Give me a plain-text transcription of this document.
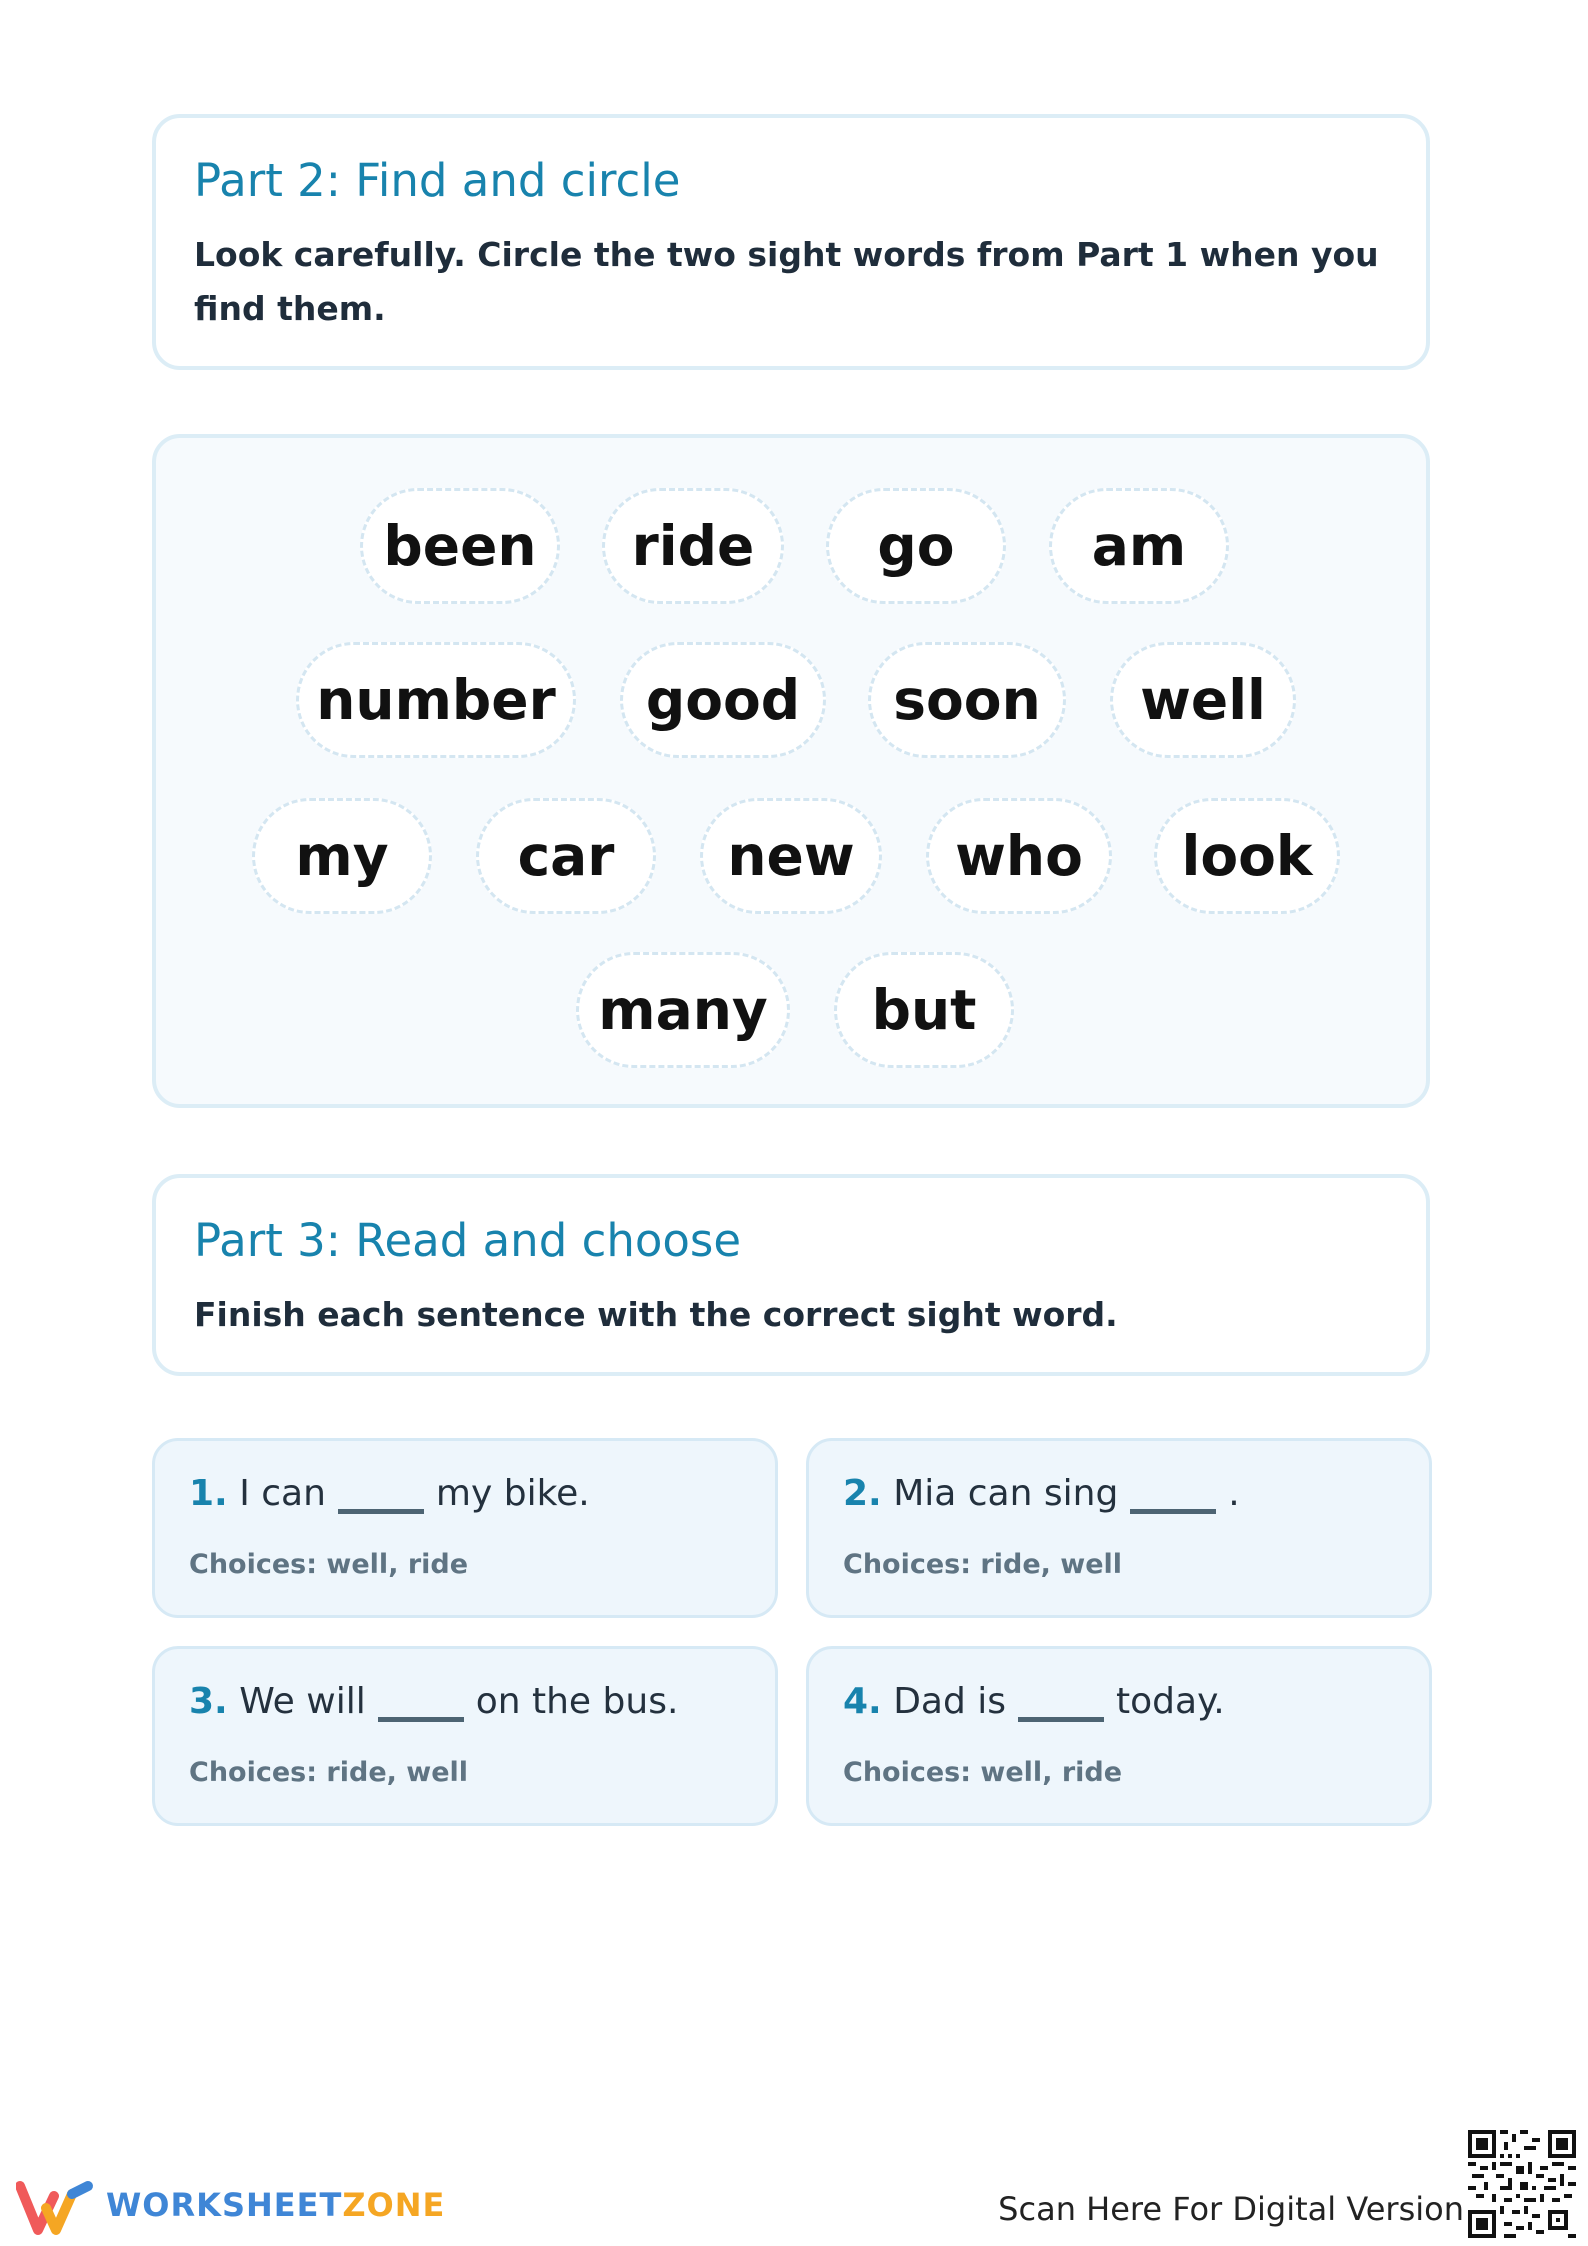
Part 2: Find and circle

Look carefully. Circle the two sight words from Part 1 when you find them.

been	ride	go	am
number	good	soon	well
my	car	new	who	look
many	but
Part 3: Read and choose

Finish each sentence with the correct sight word.

1.
I can	my bike.
Choices: well, ride
2.
Mia can sing	.
Choices: ride, well
3.
We will	on the bus.
Choices: ride, well
4.
Dad is	today.
Choices: well, ride
WORKSHEETZONE	Scan Here For Digital Version
